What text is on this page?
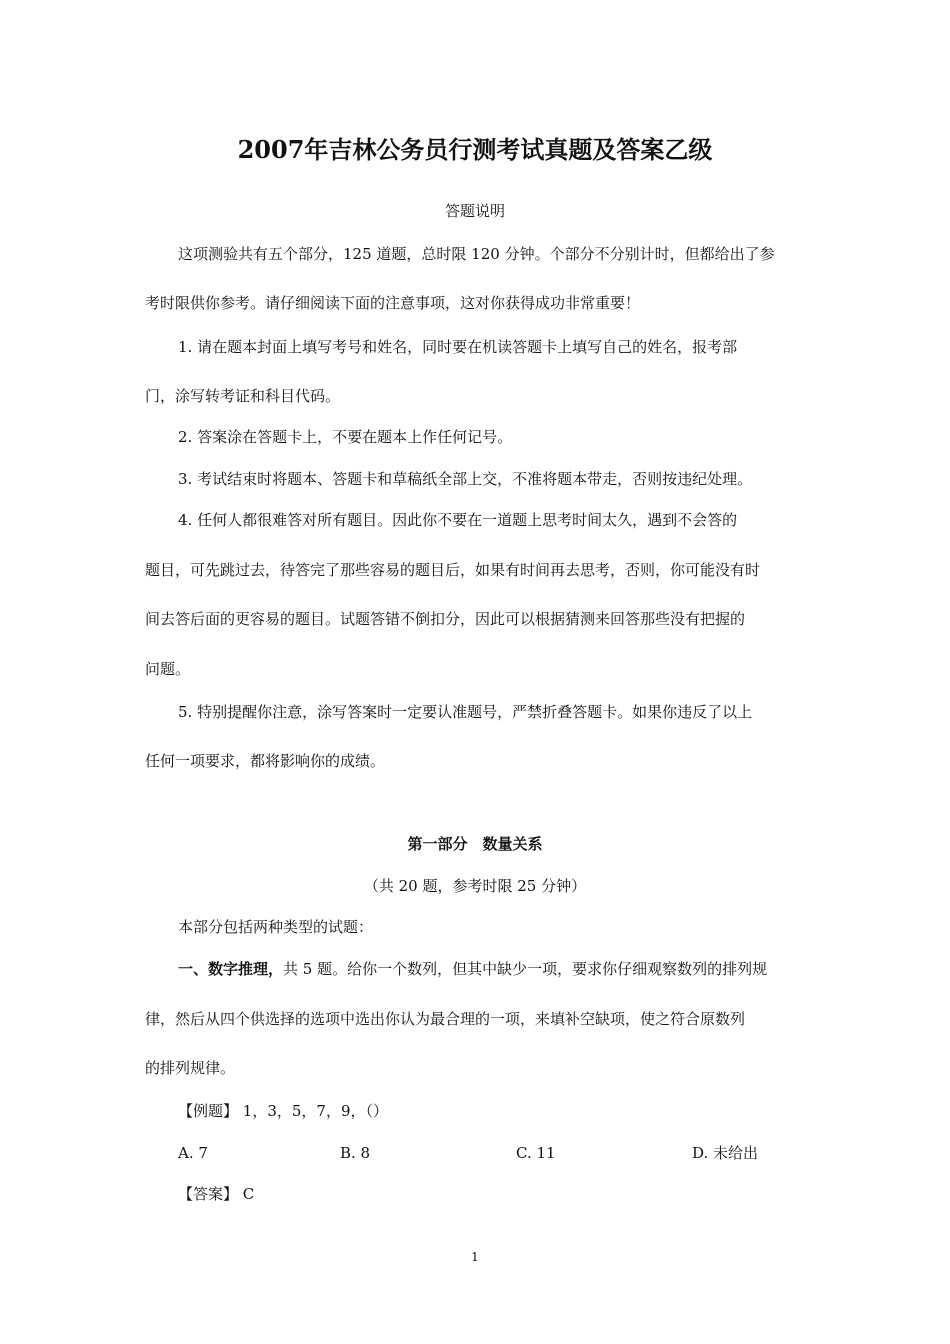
2007年吉林公务员行测考试真题及答案乙级
答题说明
这项测验共有五个部分，125 道题，总时限 120 分钟。个部分不分别计时，但都给出了参
考时限供你参考。请仔细阅读下面的注意事项，这对你获得成功非常重要！
1. 请在题本封面上填写考号和姓名，同时要在机读答题卡上填写自己的姓名，报考部
门，涂写转考证和科目代码。
2. 答案涂在答题卡上，不要在题本上作任何记号。
3. 考试结束时将题本、答题卡和草稿纸全部上交，不准将题本带走，否则按违纪处理。
4. 任何人都很难答对所有题目。因此你不要在一道题上思考时间太久，遇到不会答的
题目，可先跳过去，待答完了那些容易的题目后，如果有时间再去思考，否则，你可能没有时
间去答后面的更容易的题目。试题答错不倒扣分，因此可以根据猜测来回答那些没有把握的
问题。
5. 特别提醒你注意，涂写答案时一定要认准题号，严禁折叠答题卡。如果你违反了以上
任何一项要求，都将影响你的成绩。
第一部分　数量关系
（共 20 题，参考时限 25 分钟）
本部分包括两种类型的试题：
一、数字推理，共 5 题。给你一个数列，但其中缺少一项，要求你仔细观察数列的排列规
律，然后从四个供选择的选项中选出你认为最合理的一项，来填补空缺项，使之符合原数列
的排列规律。
【例题】 1，3，5，7，9，（）
A. 7	B. 8	C. 11	D. 未给出
【答案】 C
1
